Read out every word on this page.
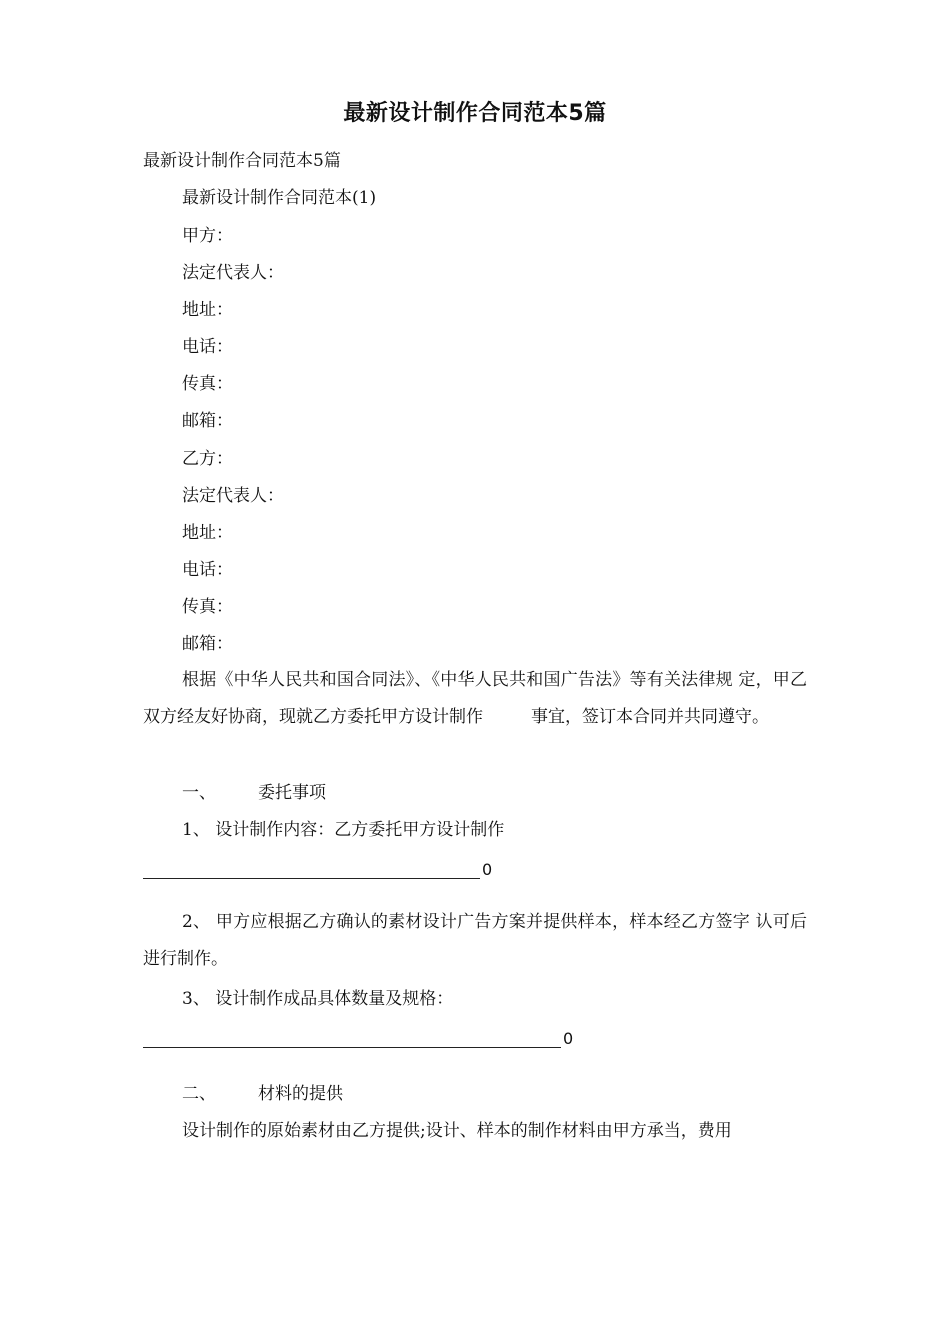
最新设计制作合同范本5篇
最新设计制作合同范本5篇
最新设计制作合同范本(1)
甲方：
法定代表人：
地址：
电话：
传真：
邮箱：
乙方：
法定代表人：
地址：
电话：
传真：
邮箱：
根据《中华人民共和国合同法》、《中华人民共和国广告法》等有关法律规 定，甲乙双方经友好协商，现就乙方委托甲方设计制作	事宜，签订本合同并共同遵守。
一、 委托事项
1、 设计制作内容：乙方委托甲方设计制作
0
2、 甲方应根据乙方确认的素材设计广告方案并提供样本，样本经乙方签字 认可后进行制作。
3、 设计制作成品具体数量及规格：
0
二、 材料的提供
设计制作的原始素材由乙方提供;设计、样本的制作材料由甲方承当，费用
